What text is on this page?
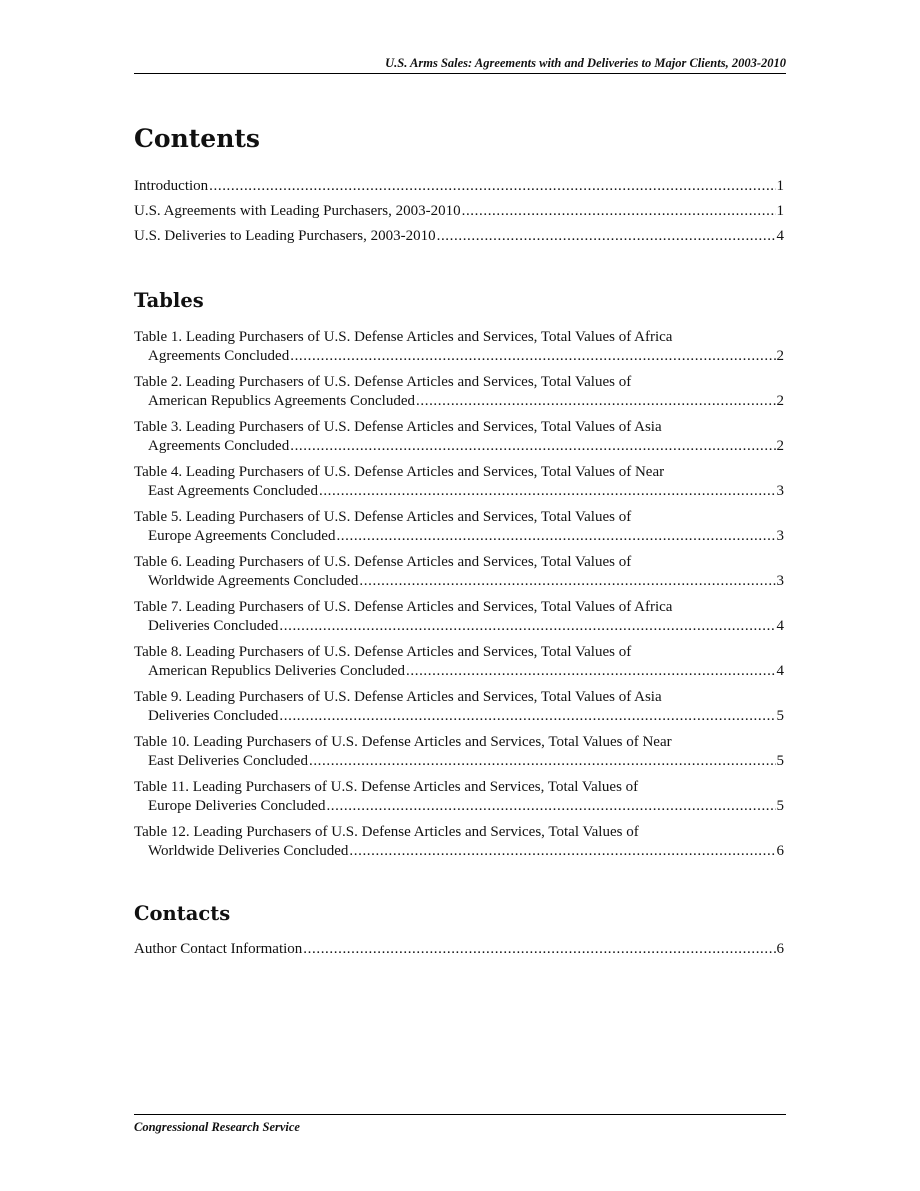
U.S. Arms Sales: Agreements with and Deliveries to Major Clients, 2003-2010
Contents
Introduction .....	1
U.S. Agreements with Leading Purchasers, 2003-2010 .....	1
U.S. Deliveries to Leading Purchasers, 2003-2010 .....	4
Tables
Table 1. Leading Purchasers of U.S. Defense Articles and Services, Total Values of Africa
Agreements Concluded .....	2
Table 2. Leading Purchasers of U.S. Defense Articles and Services, Total Values of
American Republics Agreements Concluded .....	2
Table 3. Leading Purchasers of U.S. Defense Articles and Services, Total Values of Asia
Agreements Concluded .....	2
Table 4. Leading Purchasers of U.S. Defense Articles and Services, Total Values of Near
East Agreements Concluded .....	3
Table 5. Leading Purchasers of U.S. Defense Articles and Services, Total Values of
Europe Agreements Concluded .....	3
Table 6. Leading Purchasers of U.S. Defense Articles and Services, Total Values of
Worldwide Agreements Concluded .....	3
Table 7. Leading Purchasers of U.S. Defense Articles and Services, Total Values of Africa
Deliveries Concluded .....	4
Table 8. Leading Purchasers of U.S. Defense Articles and Services, Total Values of
American Republics Deliveries Concluded .....	4
Table 9. Leading Purchasers of U.S. Defense Articles and Services, Total Values of Asia
Deliveries Concluded .....	5
Table 10. Leading Purchasers of U.S. Defense Articles and Services, Total Values of Near
East Deliveries Concluded .....	5
Table 11. Leading Purchasers of U.S. Defense Articles and Services, Total Values of
Europe Deliveries Concluded .....	5
Table 12. Leading Purchasers of U.S. Defense Articles and Services, Total Values of
Worldwide Deliveries Concluded .....	6
Contacts
Author Contact Information .....	6
Congressional Research Service
